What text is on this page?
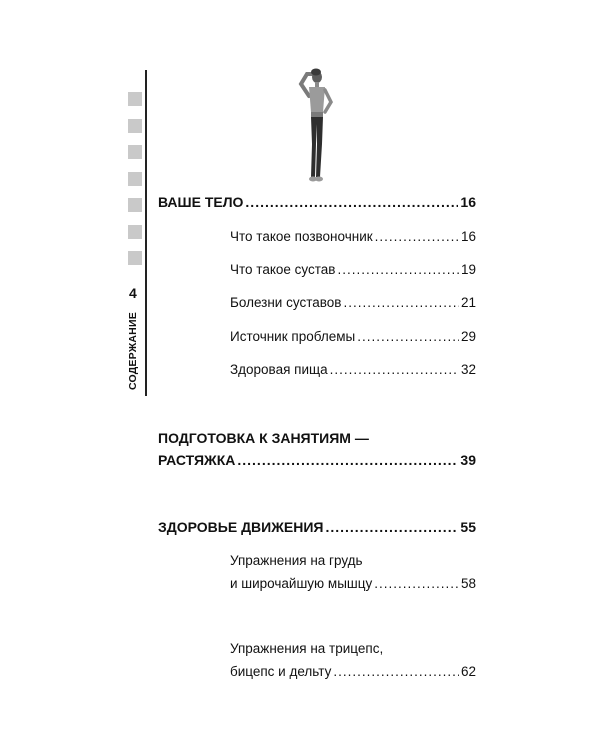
4
СОДЕРЖАНИЕ
ВАШЕ ТЕЛО .....	16
Что такое позвоночник .....	16
Что такое сустав .....	19
Болезни суставов .....	21
Источник проблемы .....	29
Здоровая пища .....	32
ПОДГОТОВКА К ЗАНЯТИЯМ —
РАСТЯЖКА .....	39
ЗДОРОВЬЕ ДВИЖЕНИЯ .....	55
Упражнения на грудь
и широчайшую мышцу .....	58
Упражнения на трицепс,
бицепс и дельту .....	62
